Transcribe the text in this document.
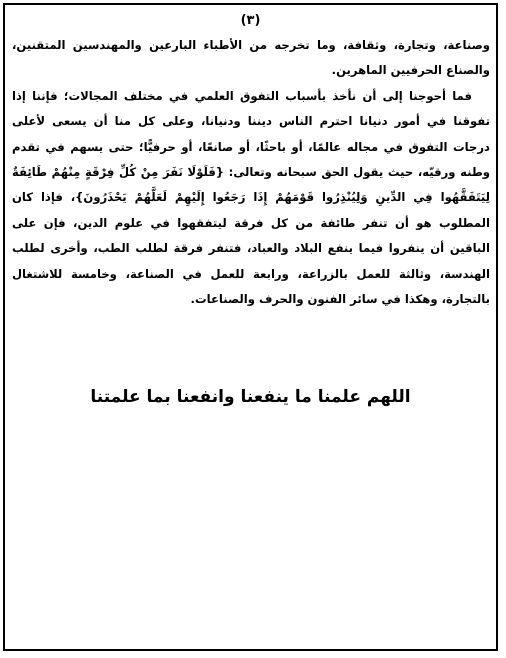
(٣)

وصناعة، وتجارة، وثقافة، وما تخرجه من الأطباء البارعين والمهندسين المتقنين، والصناع الحرفيين الماهرين.

فما أحوجنا إلى أن نأخذ بأسباب التفوق العلمي في مختلف المجالات؛ فإننا إذا تفوقنا في أمور دنيانا احترم الناس ديننا ودنيانا، وعلى كل منا أن يسعى لأعلى درجات التفوق في مجاله عالمًا، أو باحثًا، أو صانعًا، أو حرفيًّا؛ حتى يسهم في تقدم وطنه ورقيّه، حيث يقول الحق سبحانه وتعالى: {فَلَوْلَا نَفَرَ مِنْ كُلِّ فِرْقَةٍ مِنْهُمْ طَائِفَةٌ لِيَتَفَقَّهُوا فِي الدِّينِ وَلِيُنْذِرُوا قَوْمَهُمْ إِذَا رَجَعُوا إِلَيْهِمْ لَعَلَّهُمْ يَحْذَرُونَ}، فإذا كان المطلوب هو أن تنفر طائفة من كل فرقة ليتفقهوا في علوم الدين، فإن على الباقين أن ينفروا فيما ينفع البلاد والعباد، فتنفر فرقة لطلب الطب، وأخرى لطلب الهندسة، وثالثة للعمل بالزراعة، ورابعة للعمل في الصناعة، وخامسة للاشتغال بالتجارة، وهكذا في سائر الفنون والحرف والصناعات.

اللهم علمنا ما ينفعنا وانفعنا بما علمتنا
